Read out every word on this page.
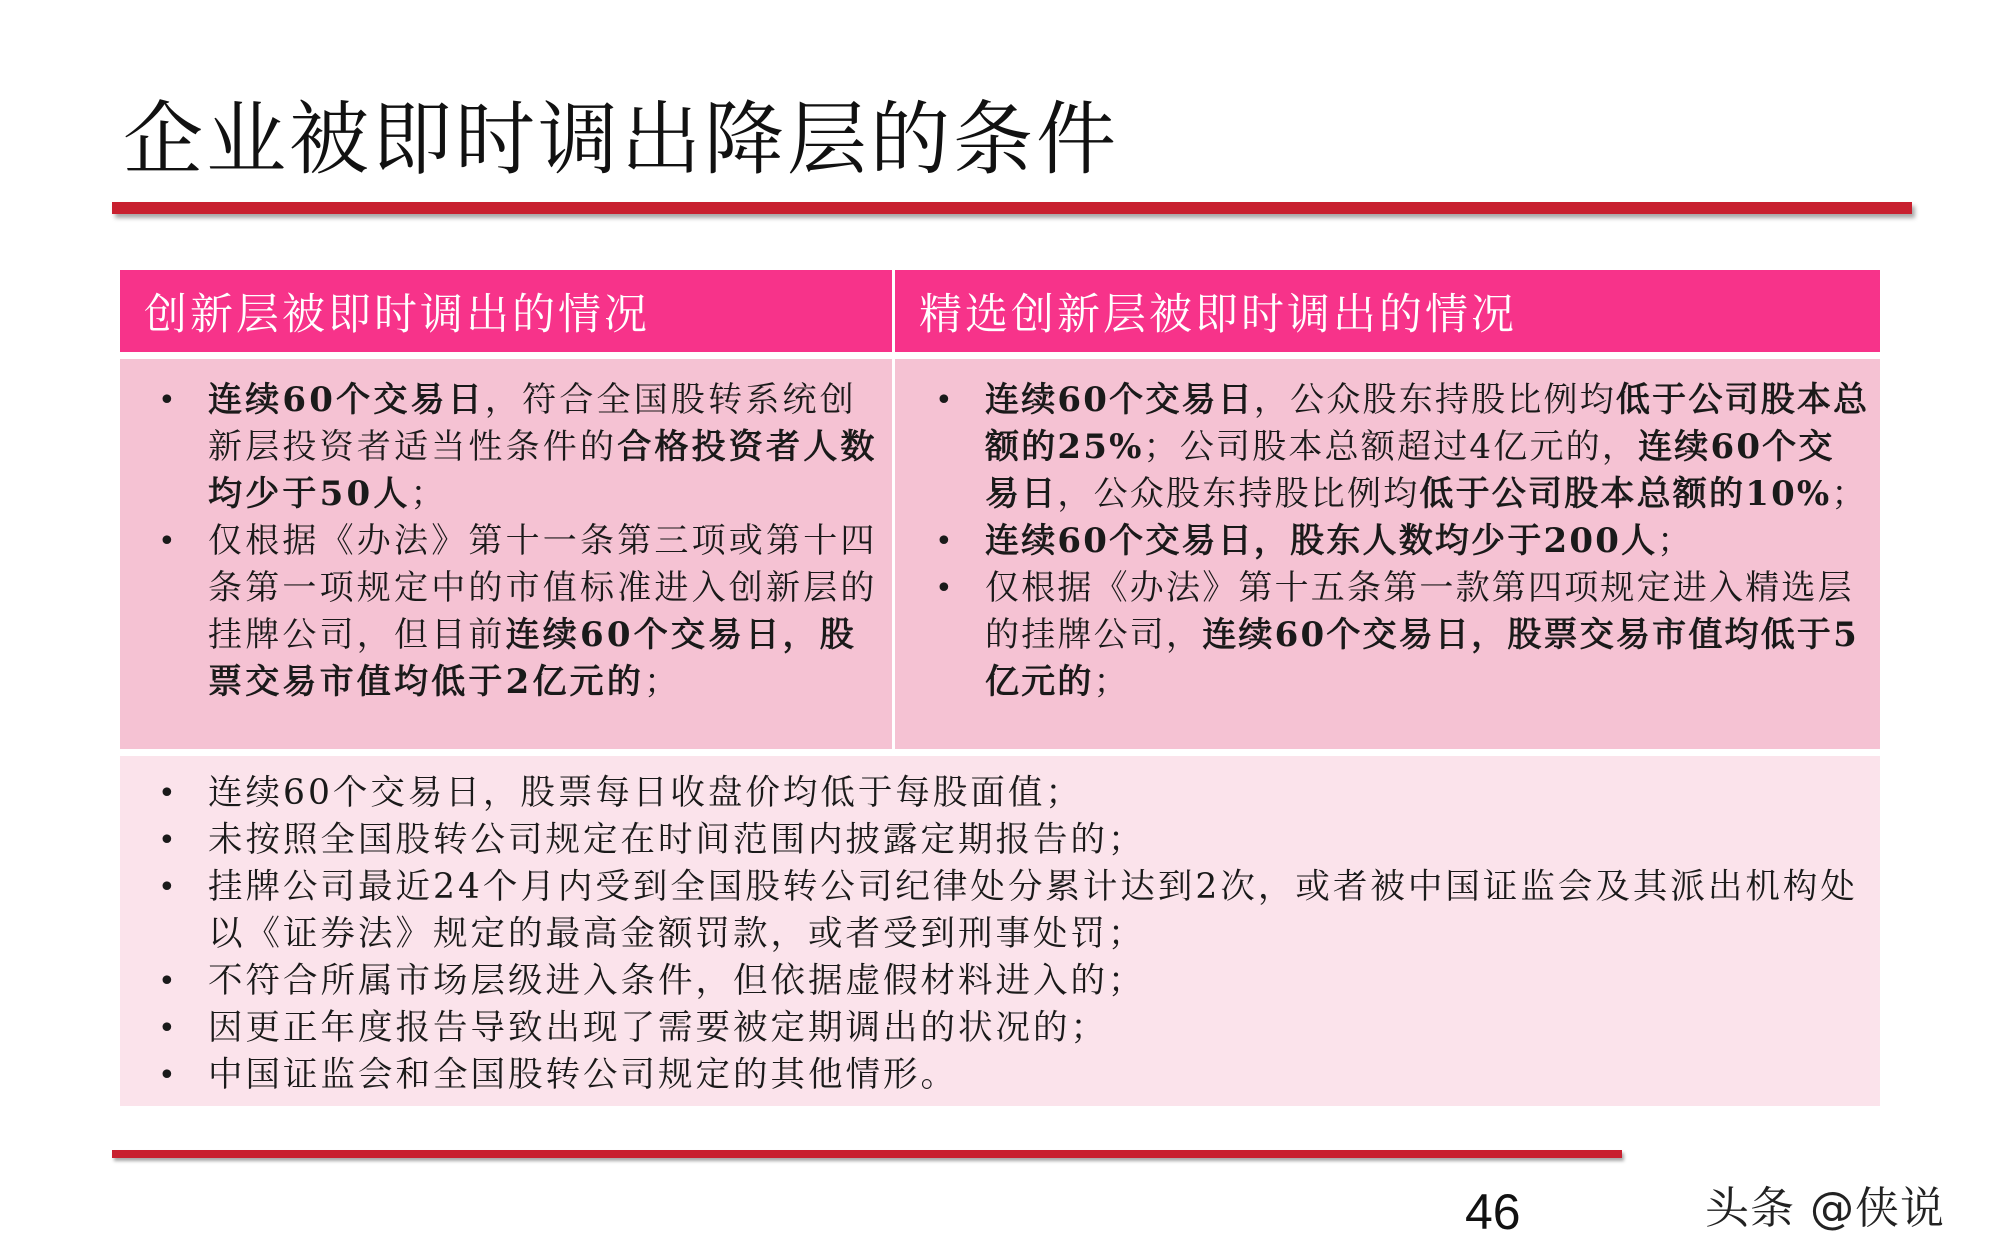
企业被即时调出降层的条件
创新层被即时调出的情况	精选创新层被即时调出的情况
• 连续60个交易日，符合全国股转系统创新层投资者适当性条件的合格投资者人数均少于50人；
• 仅根据《办法》第十一条第三项或第十四条第一项规定中的市值标准进入创新层的挂牌公司，但目前连续60个交易日，股票交易市值均低于2亿元的；
• 连续60个交易日，公众股东持股比例均低于公司股本总额的25%；公司股本总额超过4亿元的，连续60个交易日，公众股东持股比例均低于公司股本总额的10%；
• 连续60个交易日，股东人数均少于200人；
• 仅根据《办法》第十五条第一款第四项规定进入精选层的挂牌公司，连续60个交易日，股票交易市值均低于5亿元的；
• 连续60个交易日，股票每日收盘价均低于每股面值；
• 未按照全国股转公司规定在时间范围内披露定期报告的；
• 挂牌公司最近24个月内受到全国股转公司纪律处分累计达到2次，或者被中国证监会及其派出机构处以《证券法》规定的最高金额罚款，或者受到刑事处罚；
• 不符合所属市场层级进入条件，但依据虚假材料进入的；
• 因更正年度报告导致出现了需要被定期调出的状况的；
• 中国证监会和全国股转公司规定的其他情形。
46	头条 @侠说
